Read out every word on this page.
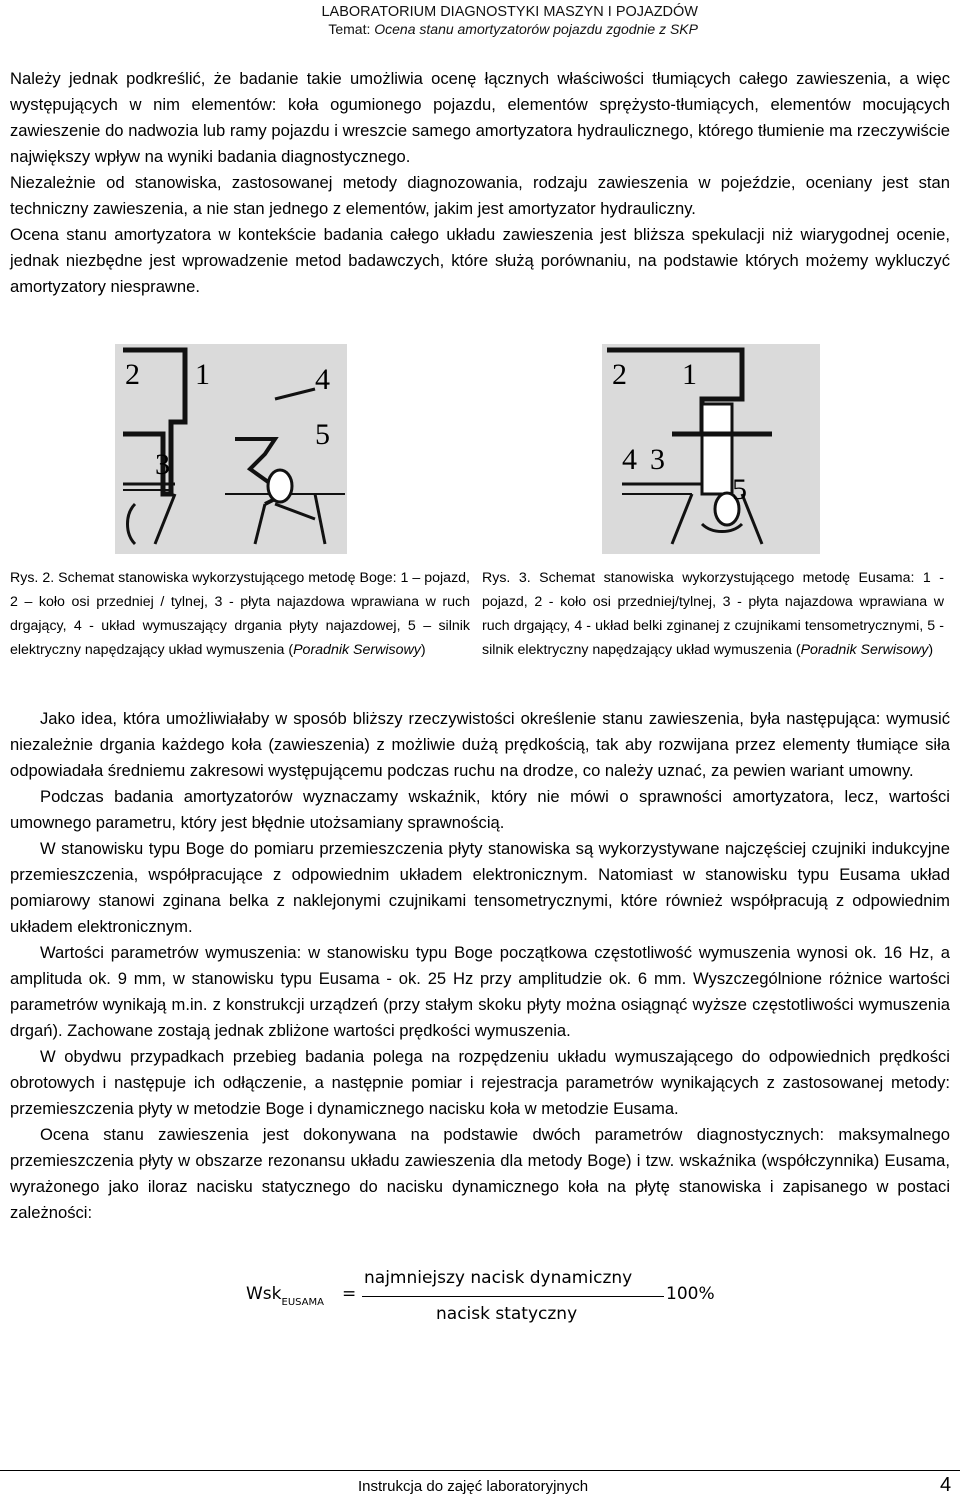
LABORATORIUM DIAGNOSTYKI MASZYN I POJAZDÓW
Temat: Ocena stanu amortyzatorów pojazdu zgodnie z SKP

Należy jednak podkreślić, że badanie takie umożliwia ocenę łącznych właściwości tłumiących całego zawieszenia, a więc występujących w nim elementów: koła ogumionego pojazdu, elementów sprężysto-tłumiących, elementów mocujących zawieszenie do nadwozia lub ramy pojazdu i wreszcie samego amortyzatora hydraulicznego, którego tłumienie ma rzeczywiście największy wpływ na wyniki badania diagnostycznego.

Niezależnie od stanowiska, zastosowanej metody diagnozowania, rodzaju zawieszenia w pojeździe, oceniany jest stan techniczny zawieszenia, a nie stan jednego z elementów, jakim jest amortyzator hydrauliczny.

Ocena stanu amortyzatora w kontekście badania całego układu zawieszenia jest bliższa spekulacji niż wiarygodnej ocenie, jednak niezbędne jest wprowadzenie metod badawczych, które służą porównaniu, na podstawie których możemy wykluczyć amortyzatory niesprawne.

2 1	4
5
3
2 1
4 3
5
Rys. 2. Schemat stanowiska wykorzystującego metodę Boge: 1 – pojazd, 2 – koło osi przedniej / tylnej, 3 - płyta najazdowa wprawiana w ruch drgający, 4 - układ wymuszający drgania płyty najazdowej, 5 – silnik elektryczny napędzający układ wymuszenia (Poradnik Serwisowy)
Rys. 3. Schemat stanowiska wykorzystującego metodę Eusama: 1 - pojazd, 2 - koło osi przedniej/tylnej, 3 - płyta najazdowa wprawiana w ruch drgający, 4 - układ belki zginanej z czujnikami tensometrycznymi, 5 - silnik elektryczny napędzający układ wymuszenia (Poradnik Serwisowy)

Jako idea, która umożliwiałaby w sposób bliższy rzeczywistości określenie stanu zawieszenia, była następująca: wymusić niezależnie drgania każdego koła (zawieszenia) z możliwie dużą prędkością, tak aby rozwijana przez elementy tłumiące siła odpowiadała średniemu zakresowi występującemu podczas ruchu na drodze, co należy uznać, za pewien wariant umowny.

Podczas badania amortyzatorów wyznaczamy wskaźnik, który nie mówi o sprawności amortyzatora, lecz, wartości umownego parametru, który jest błędnie utożsamiany sprawnością.

W stanowisku typu Boge do pomiaru przemieszczenia płyty stanowiska są wykorzystywane najczęściej czujniki indukcyjne przemieszczenia, współpracujące z odpowiednim układem elektronicznym. Natomiast w stanowisku typu Eusama układ pomiarowy stanowi zginana belka z naklejonymi czujnikami tensometrycznymi, które również współpracują z odpowiednim układem elektronicznym.

Wartości parametrów wymuszenia: w stanowisku typu Boge początkowa częstotliwość wymuszenia wynosi ok. 16 Hz, a amplituda ok. 9 mm, w stanowisku typu Eusama - ok. 25 Hz przy amplitudzie ok. 6 mm. Wyszczególnione różnice wartości parametrów wynikają m.in. z konstrukcji urządzeń (przy stałym skoku płyty można osiągnąć wyższe częstotliwości wymuszenia drgań). Zachowane zostają jednak zbliżone wartości prędkości wymuszenia.

W obydwu przypadkach przebieg badania polega na rozpędzeniu układu wymuszającego do odpowiednich prędkości obrotowych i następuje ich odłączenie, a następnie pomiar i rejestracja parametrów wynikających z zastosowanej metody: przemieszczenia płyty w metodzie Boge i dynamicznego nacisku koła w metodzie Eusama.

Ocena stanu zawieszenia jest dokonywana na podstawie dwóch parametrów diagnostycznych: maksymalnego przemieszczenia płyty w obszarze rezonansu układu zawieszenia dla metody Boge) i tzw. wskaźnika (współczynnika) Eusama, wyrażonego jako iloraz nacisku statycznego do nacisku dynamicznego koła na płytę stanowiska i zapisanego w postaci zależności:

Wsk$_{EUSAMA}$ =
najmniejszy nacisk dynamiczny
nacisk statyczny
100%
Instrukcja do zajęć laboratoryjnych	4
